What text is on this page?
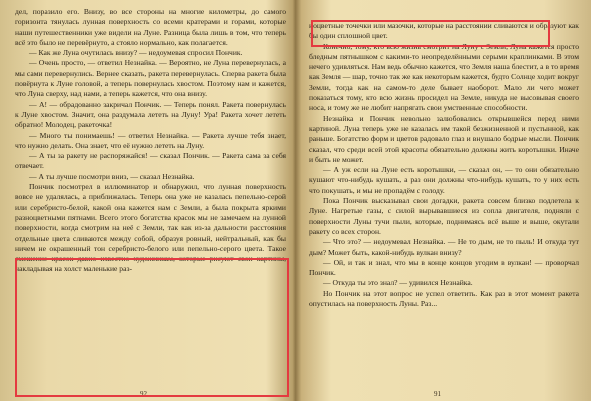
дел, поразило его. Внизу, во все стороны на многие километры, до самого горизонта тянулась лунная поверхность со всеми кратерами и горами, которые наши путешественники уже видели на Луне. Разница была лишь в том, что теперь всё это было не перевёрнуто, а стояло нормально, как полагается.

— Как же Луна очутилась внизу? — недоумевая спросил Пончик.

— Очень просто, — ответил Незнайка. — Вероятно, не Луна перевернулась, а мы сами перевернулись. Вернее сказать, ракета перевернулась. Сперва ракета была повёрнута к Луне головой, а теперь повернулась хвостом. Поэтому нам и кажется, что Луна сверху, над нами, а теперь кажется, что она внизу.

— А! — обрадованно закричал Пончик. — Теперь понял. Ракета повернулась к Луне хвостом. Значит, она раздумала лететь на Луну! Ура! Ракета хочет лететь обратно! Молодец, ракеточка!

— Много ты понимаешь! — ответил Незнайка. — Ракета лучше тебя знает, что нужно делать. Она знает, что её нужно лететь на Луну.

— А ты за ракету не распоряжайся! — сказал Пончик. — Ракета сама за себя отвечает.

— А ты лучше посмотри вниз, — сказал Незнайка.

Пончик посмотрел в иллюминатор и обнаружил, что лунная поверхность вовсе не удалялась, а приближалась. Теперь она уже не казалась пепельно-серой или серебристо-белой, какой она кажется нам с Земли, а была покрыта яркими разноцветными пятнами. Всего этого богатства красок мы не замечаем на лунной поверхности, когда смотрим на неё с Земли, так как из-за дальности расстояния отдельные цвета сливаются между собой, образуя ровный, нейтральный, как бы ничем не окрашенный тон серебристо-белого или пепельно-серого цвета. Такое смешение красок давно известно художникам, которые рисуют свои картины, накладывая на холст маленькие раз-

92

ноцветные точечки или мазочки, которые на расстоянии сливаются и образуют как бы один сплошной цвет.

Конечно, тому, кто всю жизнь смотрит на Луну с Земли, Луна кажется просто бледным пятнышком с какими-то неопределёнными серыми краплинками. В этом нечего удивляться. Нам ведь обычно кажется, что Земля наша блестит, а в то время как Земля — шар, точно так же как некоторым кажется, будто Солнце ходит вокруг Земли, тогда как на самом-то деле бывает наоборот. Мало ли чего может показаться тому, кто всю жизнь просидел на Земле, никуда не высовывая своего носа, и тому же не любит напрягать свои умственные способности.

Незнайка и Пончик невольно залюбовались открывшейся перед ними картиной. Луна теперь уже не казалась им такой безжизненной и пустынной, как раньше. Богатство форм и цветов радовало глаз и внушало бодрые мысли. Пончик сказал, что среди всей этой красоты обязательно должны жить коротышки. Иначе и быть не может.

— А уж если на Луне есть коротышки, — сказал он, — то они обязательно кушают что-нибудь кушать, а раз они должны что-нибудь кушать, то у них есть что покушать, и мы не пропадём с голоду.

Пока Пончик высказывал свои догадки, ракета совсем близко подлетела к Луне. Нагретые газы, с силой вырывавшиеся из сопла двигателя, подняли с поверхности Луны тучи пыли, которые, поднимаясь всё выше и выше, окутали ракету со всех сторон.

— Что это? — недоумевал Незнайка. — Не то дым, не то пыль! И откуда тут дым? Может быть, какой-нибудь вулкан внизу?

— Ой, и так и знал, что мы в конце концов угодим в вулкан! — проворчал Пончик.

— Откуда ты это знал? — удивился Незнайка.

Но Пончик на этот вопрос не успел ответить. Как раз в этот момент ракета опустилась на поверхность Луны. Раз...

91
